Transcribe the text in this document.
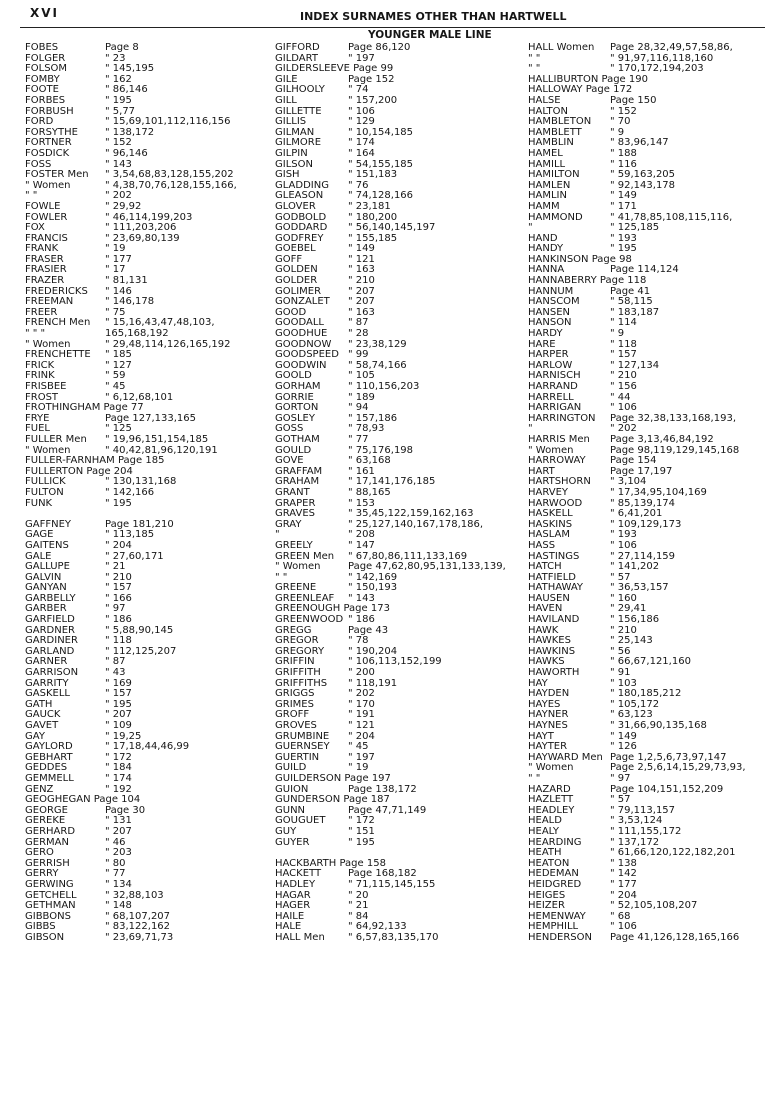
XVI	INDEX SURNAMES OTHER THAN HARTWELL
YOUNGER MALE LINE
FOBES	Page 8
FOLGER	" 23
FOLSOM	" 145,195
FOMBY	" 162
FOOTE	" 86,146
FORBES	" 195
FORBUSH	" 5,77
FORD	" 15,69,101,112,116,156
FORSYTHE	" 138,172
FORTNER	" 152
FOSDICK	" 96,146
FOSS	" 143
FOSTER Men	" 3,54,68,83,128,155,202
" Women	" 4,38,70,76,128,155,166,
" "	" 202
FOWLE	" 29,92
FOWLER	" 46,114,199,203
FOX	" 111,203,206
FRANCIS	" 23,69,80,139
FRANK	" 19
FRASER	" 177
FRASIER	" 17
FRAZER	" 81,131
FREDERICKS	" 146
FREEMAN	" 146,178
FREER	" 75
FRENCH Men	" 15,16,43,47,48,103,
" " "	165,168,192
" Women	" 29,48,114,126,165,192
FRENCHETTE	" 185
FRICK	" 127
FRINK	" 59
FRISBEE	" 45
FROST	" 6,12,68,101
FROTHINGHAM Page 77
FRYE	Page 127,133,165
FUEL	" 125
FULLER Men	" 19,96,151,154,185
" Women	" 40,42,81,96,120,191
FULLER-FARNHAM Page 185
FULLERTON Page 204
FULLICK	" 130,131,168
FULTON	" 142,166
FUNK	" 195
GAFFNEY	Page 181,210
GAGE	" 113,185
GAITENS	" 204
GALE	" 27,60,171
GALLUPE	" 21
GALVIN	" 210
GANYAN	" 157
GARBELLY	" 166
GARBER	" 97
GARFIELD	" 186
GARDNER	" 5,88,90,145
GARDINER	" 118
GARLAND	" 112,125,207
GARNER	" 87
GARRISON	" 43
GARRITY	" 169
GASKELL	" 157
GATH	" 195
GAUCK	" 207
GAVET	" 109
GAY	" 19,25
GAYLORD	" 17,18,44,46,99
GEBHART	" 172
GEDDES	" 184
GEMMELL	" 174
GENZ	" 192
GEOGHEGAN Page 104
GEORGE	Page 30
GEREKE	" 131
GERHARD	" 207
GERMAN	" 46
GERO	" 203
GERRISH	" 80
GERRY	" 77
GERWING	" 134
GETCHELL	" 32,88,103
GETHMAN	" 148
GIBBONS	" 68,107,207
GIBBS	" 83,122,162
GIBSON	" 23,69,71,73
GIFFORD	Page 86,120
GILDART	" 197
GILDERSLEEVE Page 99
GILE	Page 152
GILHOOLY	" 74
GILL	" 157,200
GILLETTE	" 106
GILLIS	" 129
GILMAN	" 10,154,185
GILMORE	" 174
GILPIN	" 164
GILSON	" 54,155,185
GISH	" 151,183
GLADDING	" 76
GLEASON	" 74,128,166
GLOVER	" 23,181
GODBOLD	" 180,200
GODDARD	" 56,140,145,197
GODFREY	" 155,185
GOEBEL	" 149
GOFF	" 121
GOLDEN	" 163
GOLDER	" 210
GOLIMER	" 207
GONZALET	" 207
GOOD	" 163
GOODALL	" 87
GOODHUE	" 28
GOODNOW	" 23,38,129
GOODSPEED " 99
GOODWIN	" 58,74,166
GOOLD	" 105
GORHAM	" 110,156,203
GORRIE	" 189
GORTON	" 94
GOSLEY	" 157,186
GOSS	" 78,93
GOTHAM	" 77
GOULD	" 75,176,198
GOVE	" 63,168
GRAFFAM	" 161
GRAHAM	" 17,141,176,185
GRANT	" 88,165
GRAPER	" 153
GRAVES	" 35,45,122,159,162,163
GRAY	" 25,127,140,167,178,186,
"	" 208
GREELY	" 147
GREEN Men	" 67,80,86,111,133,169
" Women	Page 47,62,80,95,131,133,139,
" "	" 142,169
GREENE	" 150,193
GREENLEAF	" 143
GREENOUGH Page 173
GREENWOOD " 186
GREGG	Page 43
GREGOR	" 78
GREGORY	" 190,204
GRIFFIN	" 106,113,152,199
GRIFFITH	" 200
GRIFFITHS	" 118,191
GRIGGS	" 202
GRIMES	" 170
GROFF	" 191
GROVES	" 121
GRUMBINE	" 204
GUERNSEY	" 45
GUERTIN	" 197
GUILD	" 19
GUILDERSON Page 197
GUION	Page 138,172
GUNDERSON Page 187
GUNN	Page 47,71,149
GOUGUET	" 172
GUY	" 151
GUYER	" 195
HACKBARTH Page 158
HACKETT	Page 168,182
HADLEY	" 71,115,145,155
HAGAR	" 20
HAGER	" 21
HAILE	" 84
HALE	" 64,92,133
HALL Men	" 6,57,83,135,170
HALL Women	Page 28,32,49,57,58,86,
" "	" 91,97,116,118,160
" "	" 170,172,194,203
HALLIBURTON Page 190
HALLOWAY Page 172
HALSE	Page 150
HALTON	" 152
HAMBLETON	" 70
HAMBLETT	" 9
HAMBLIN	" 83,96,147
HAMEL	" 188
HAMILL	" 116
HAMILTON	" 59,163,205
HAMLEN	" 92,143,178
HAMLIN	" 149
HAMM	" 171
HAMMOND	" 41,78,85,108,115,116,
"	" 125,185
HAND	" 193
HANDY	" 195
HANKINSON Page 98
HANNA	Page 114,124
HANNABERRY Page 118
HANNUM	Page 41
HANSCOM	" 58,115
HANSEN	" 183,187
HANSON	" 114
HARDY	" 9
HARE	" 118
HARPER	" 157
HARLOW	" 127,134
HARNISCH	" 210
HARRAND	" 156
HARRELL	" 44
HARRIGAN	" 106
HARRINGTON	Page 32,38,133,168,193,
"	" 202
HARRIS Men	Page 3,13,46,84,192
" Women	Page 98,119,129,145,168
HARROWAY	Page 154
HART	Page 17,197
HARTSHORN	" 3,104
HARVEY	" 17,34,95,104,169
HARWOOD	" 85,139,174
HASKELL	" 6,41,201
HASKINS	" 109,129,173
HASLAM	" 193
HASS	" 106
HASTINGS	" 27,114,159
HATCH	" 141,202
HATFIELD	" 57
HATHAWAY	" 36,53,157
HAUSEN	" 160
HAVEN	" 29,41
HAVILAND	" 156,186
HAWK	" 210
HAWKES	" 25,143
HAWKINS	" 56
HAWKS	" 66,67,121,160
HAWORTH	" 91
HAY	" 103
HAYDEN	" 180,185,212
HAYES	" 105,172
HAYNER	" 63,123
HAYNES	" 31,66,90,135,168
HAYT	" 149
HAYTER	" 126
HAYWARD Men Page 1,2,5,6,73,97,147
" Women	Page 2,5,6,14,15,29,73,93,
" "	" 97
HAZARD	Page 104,151,152,209
HAZLETT	" 57
HEADLEY	" 79,113,157
HEALD	" 3,53,124
HEALY	" 111,155,172
HEARDING	" 137,172
HEATH	" 61,66,120,122,182,201
HEATON	" 138
HEDEMAN	" 142
HEIDGRED	" 177
HEIGES	" 204
HEIZER	" 52,105,108,207
HEMENWAY	" 68
HEMPHILL	" 106
HENDERSON	Page 41,126,128,165,166
